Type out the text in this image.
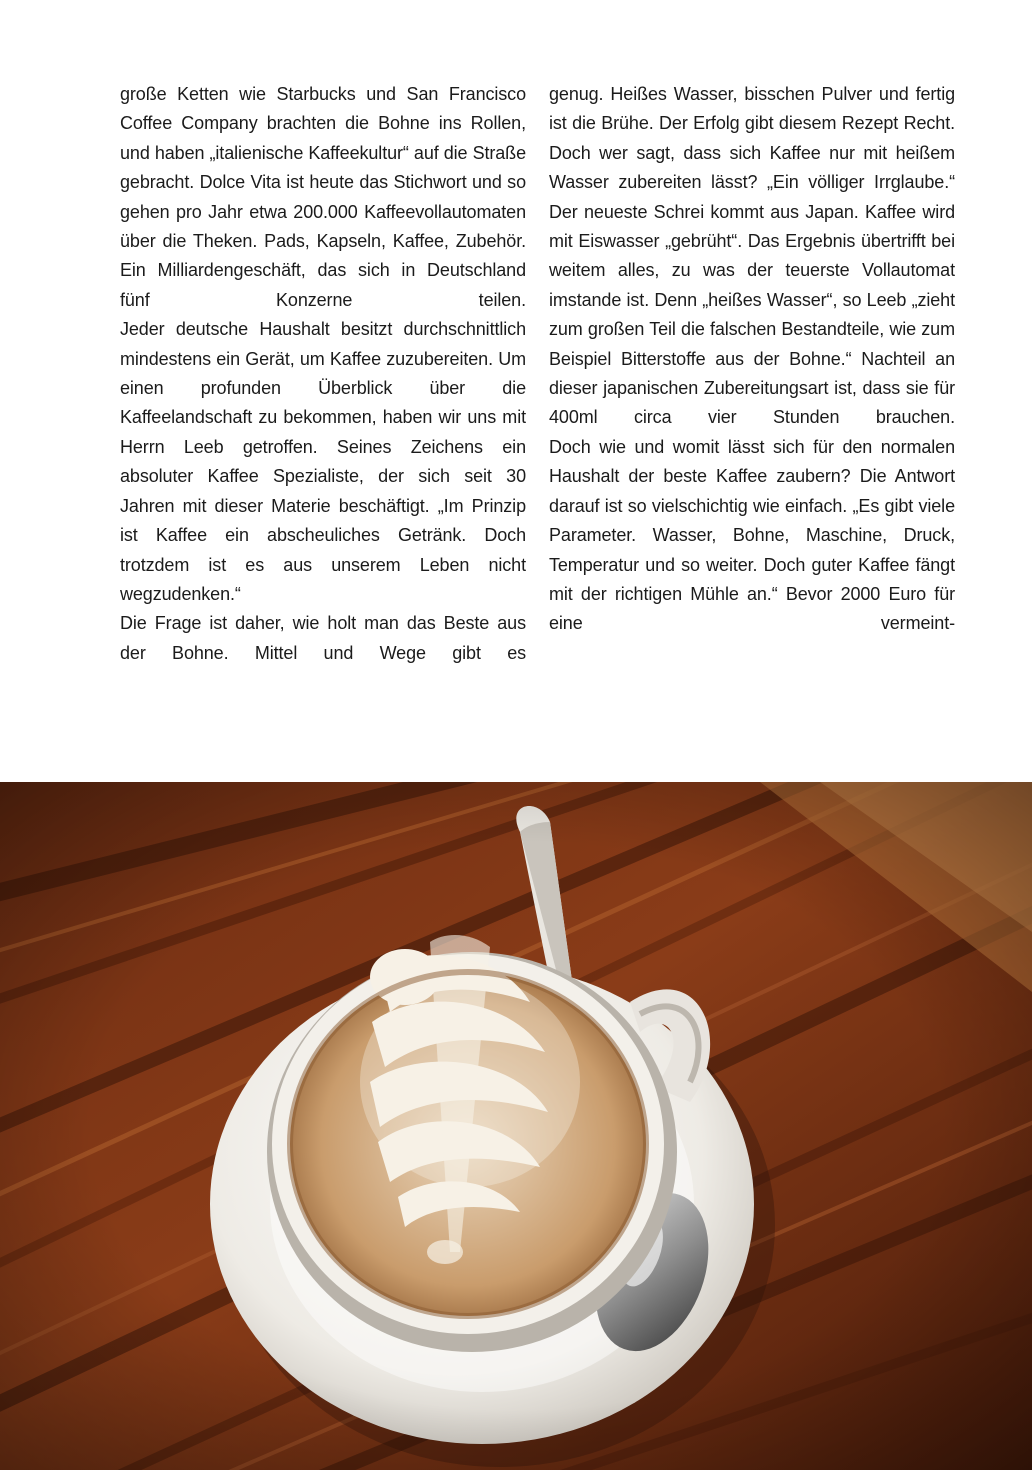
große Ketten wie Starbucks und San Francisco Coffee Company brachten die Bohne ins Rollen, und haben „italienische Kaffeekultur“ auf die Straße gebracht. Dolce Vita ist heute das Stichwort und so gehen pro Jahr etwa 200.000 Kaffeevollautomaten über die Theken. Pads, Kapseln, Kaffee, Zubehör. Ein Milliardengeschäft, das sich in Deutschland fünf Konzerne teilen.

Jeder deutsche Haushalt besitzt durchschnittlich mindestens ein Gerät, um Kaffee zuzubereiten. Um einen profunden Überblick über die Kaffeelandschaft zu bekommen, haben wir uns mit Herrn Leeb getroffen. Seines Zeichens ein absoluter Kaffee Spezialiste, der sich seit 30 Jahren mit dieser Materie beschäftigt. „Im Prinzip ist Kaffee ein abscheuliches Getränk. Doch trotzdem ist es aus unserem Leben nicht wegzudenken.“

Die Frage ist daher, wie holt man das Beste aus der Bohne. Mittel und Wege gibt es

genug. Heißes Wasser, bisschen Pulver und fertig ist die Brühe. Der Erfolg gibt diesem Rezept Recht. Doch wer sagt, dass sich Kaffee nur mit heißem Wasser zubereiten lässt? „Ein völliger Irrglaube.“ Der neueste Schrei kommt aus Japan. Kaffee wird mit Eiswasser „gebrüht“. Das Ergebnis übertrifft bei weitem alles, zu was der teuerste Vollautomat imstande ist. Denn „heißes Wasser“, so Leeb „zieht zum großen Teil die falschen Bestandteile, wie zum Beispiel Bitterstoffe aus der Bohne.“ Nachteil an dieser japanischen Zubereitungsart ist, dass sie für 400ml circa vier Stunden brauchen.

Doch wie und womit lässt sich für den normalen Haushalt der beste Kaffee zaubern? Die Antwort darauf ist so vielschichtig wie einfach. „Es gibt viele Parameter. Wasser, Bohne, Maschine, Druck, Temperatur und so weiter. Doch guter Kaffee fängt mit der richtigen Mühle an.“ Bevor 2000 Euro für eine vermeint-
